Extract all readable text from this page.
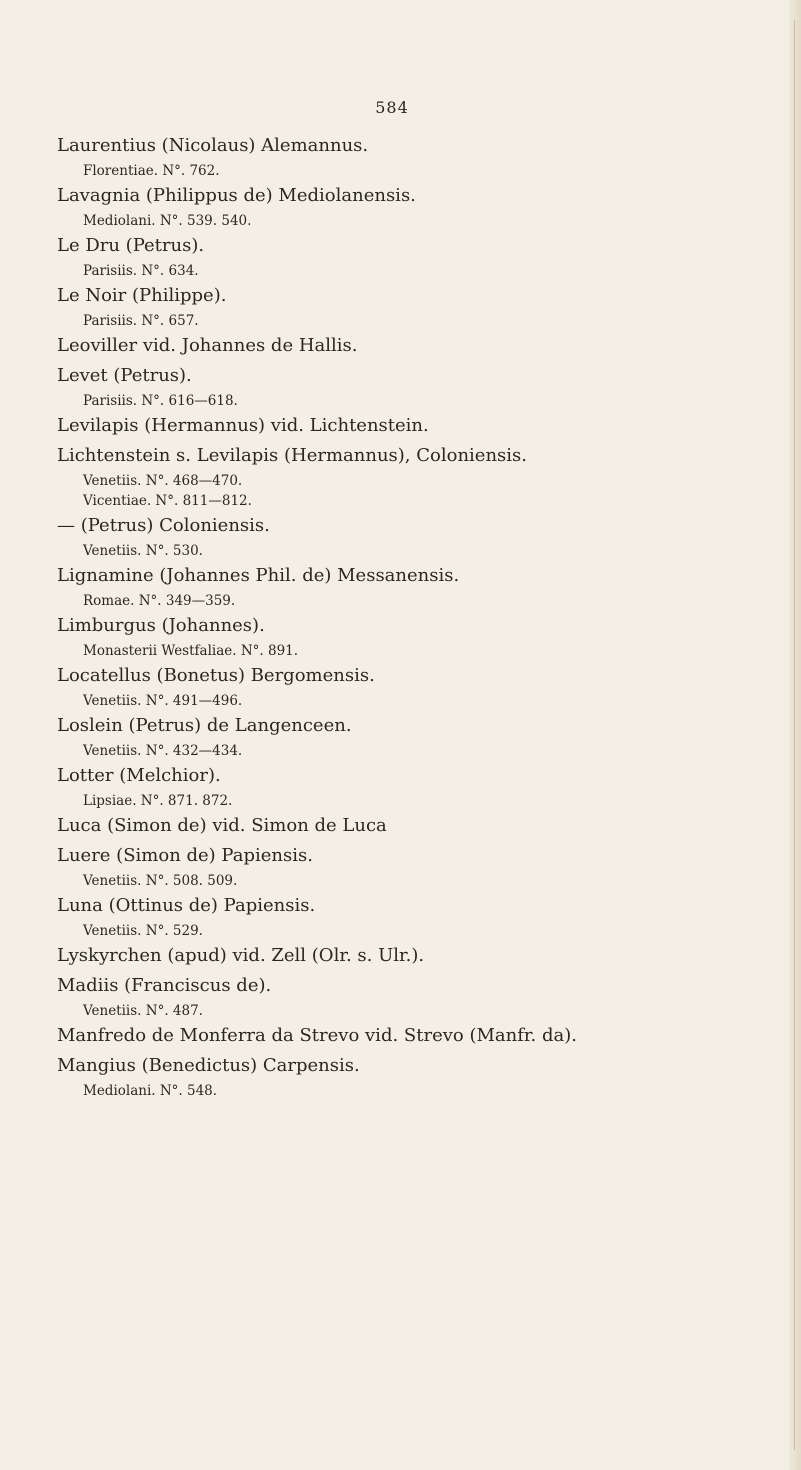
584
Laurentius (Nicolaus) Alemannus.
Florentiae. N°. 762.
Lavagnia (Philippus de) Mediolanensis.
Mediolani. N°. 539. 540.
Le Dru (Petrus).
Parisiis. N°. 634.
Le Noir (Philippe).
Parisiis. N°. 657.
Leoviller vid. Johannes de Hallis.
Levet (Petrus).
Parisiis. N°. 616—618.
Levilapis (Hermannus) vid. Lichtenstein.
Lichtenstein s. Levilapis (Hermannus), Coloniensis.
Venetiis. N°. 468—470.
Vicentiae. N°. 811—812.
— (Petrus) Coloniensis.
Venetiis. N°. 530.
Lignamine (Johannes Phil. de) Messanensis.
Romae. N°. 349—359.
Limburgus (Johannes).
Monasterii Westfaliae. N°. 891.
Locatellus (Bonetus) Bergomensis.
Venetiis. N°. 491—496.
Loslein (Petrus) de Langenceen.
Venetiis. N°. 432—434.
Lotter (Melchior).
Lipsiae. N°. 871. 872.
Luca (Simon de) vid. Simon de Luca
Luere (Simon de) Papiensis.
Venetiis. N°. 508. 509.
Luna (Ottinus de) Papiensis.
Venetiis. N°. 529.
Lyskyrchen (apud) vid. Zell (Olr. s. Ulr.).
Madiis (Franciscus de).
Venetiis. N°. 487.
Manfredo de Monferra da Strevo vid. Strevo (Manfr. da).
Mangius (Benedictus) Carpensis.
Mediolani. N°. 548.
